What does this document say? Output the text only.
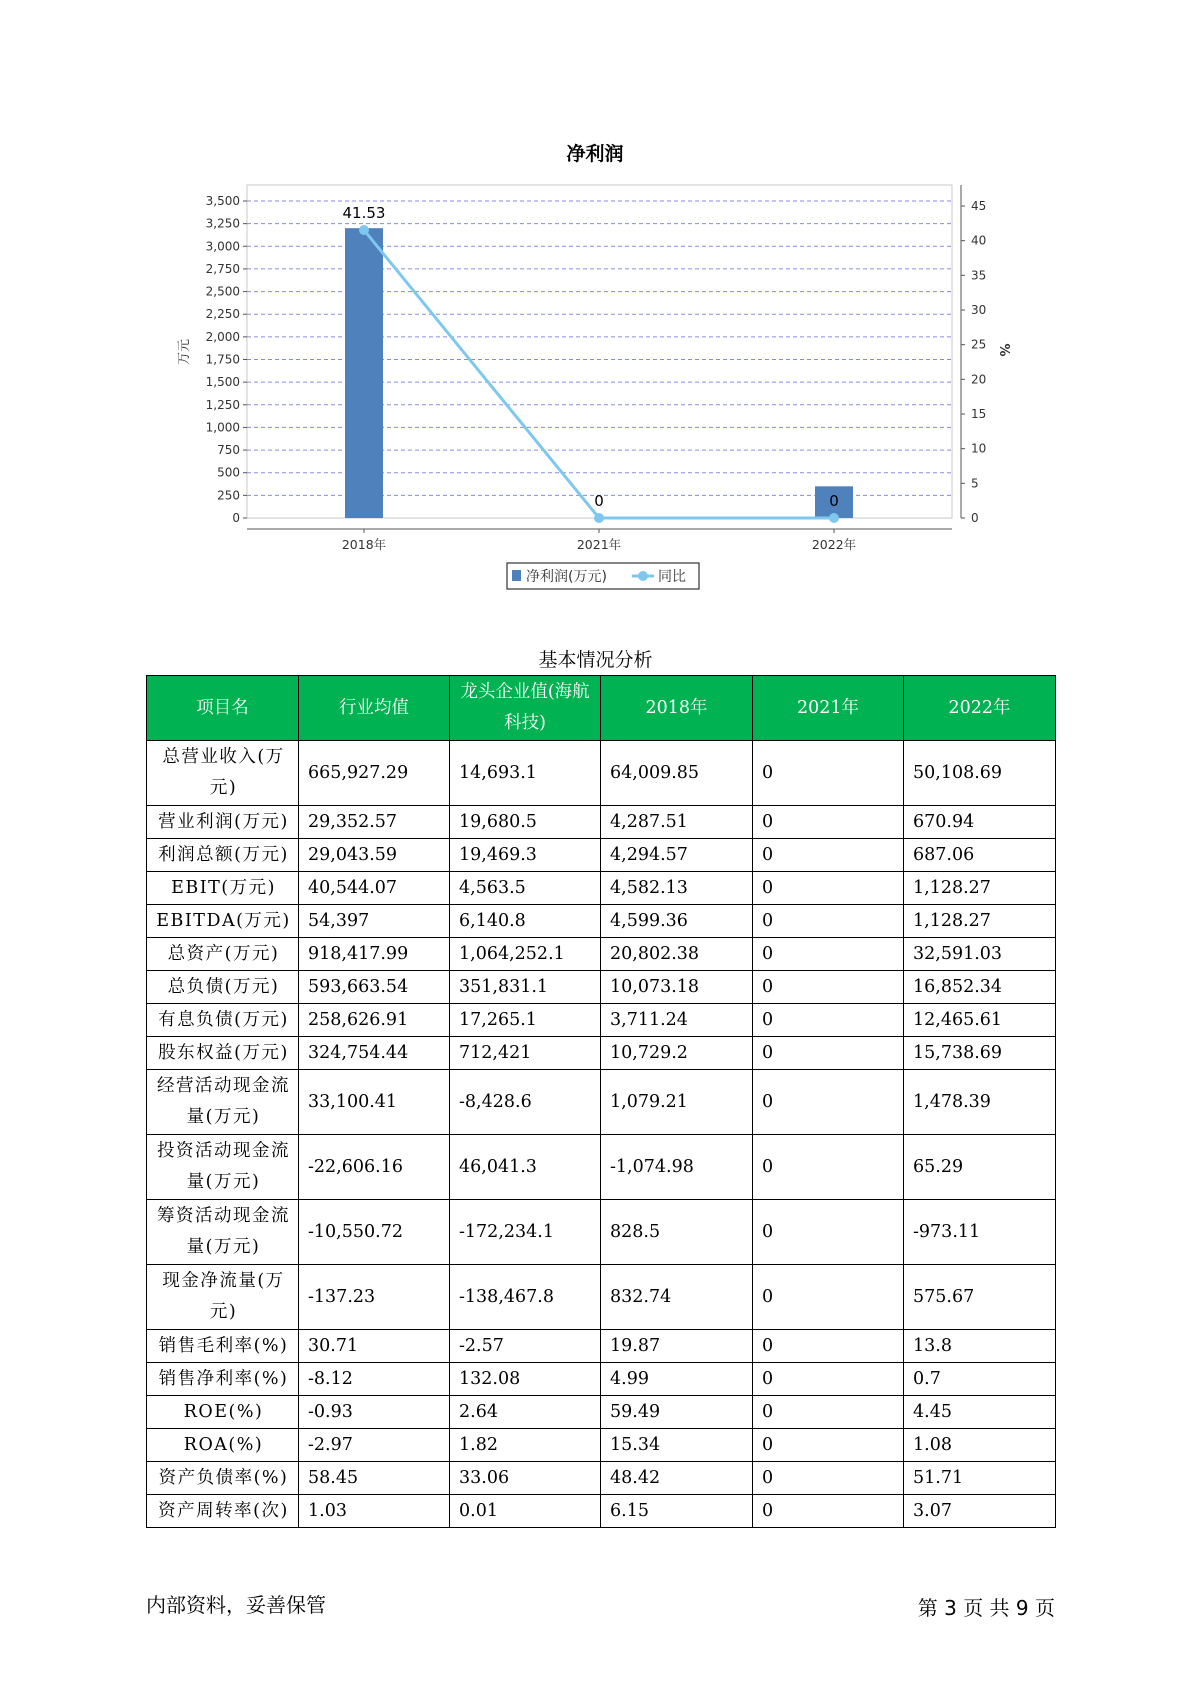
净利润
0
250
500
750
1,000
1,250
1,500
1,750
2,000
2,250
2,500
2,750
3,000
3,250
3,500
0
5
10
15
20
25
30
35
40
45
万元	%
2018年	2021年	2022年
41.53
0	0
净利润(万元)	同比
基本情况分析
项目名	行业均值	龙头企业值(海航科技)	2018年	2021年	2022年
总营业收入(万元)	665,927.29	14,693.1	64,009.85	0	50,108.69
营业利润(万元)	29,352.57	19,680.5	4,287.51	0	670.94
利润总额(万元)	29,043.59	19,469.3	4,294.57	0	687.06
EBIT(万元)	40,544.07	4,563.5	4,582.13	0	1,128.27
EBITDA(万元)	54,397	6,140.8	4,599.36	0	1,128.27
总资产(万元)	918,417.99	1,064,252.1	20,802.38	0	32,591.03
总负债(万元)	593,663.54	351,831.1	10,073.18	0	16,852.34
有息负债(万元)	258,626.91	17,265.1	3,711.24	0	12,465.61
股东权益(万元)	324,754.44	712,421	10,729.2	0	15,738.69
经营活动现金流量(万元)	33,100.41	-8,428.6	1,079.21	0	1,478.39
投资活动现金流量(万元)	-22,606.16	46,041.3	-1,074.98	0	65.29
筹资活动现金流量(万元)	-10,550.72	-172,234.1	828.5	0	-973.11
现金净流量(万元)	-137.23	-138,467.8	832.74	0	575.67
销售毛利率(%)	30.71	-2.57	19.87	0	13.8
销售净利率(%)	-8.12	132.08	4.99	0	0.7
ROE(%)	-0.93	2.64	59.49	0	4.45
ROA(%)	-2.97	1.82	15.34	0	1.08
资产负债率(%)	58.45	33.06	48.42	0	51.71
资产周转率(次)	1.03	0.01	6.15	0	3.07
内部资料，妥善保管	第 3 页 共 9 页
